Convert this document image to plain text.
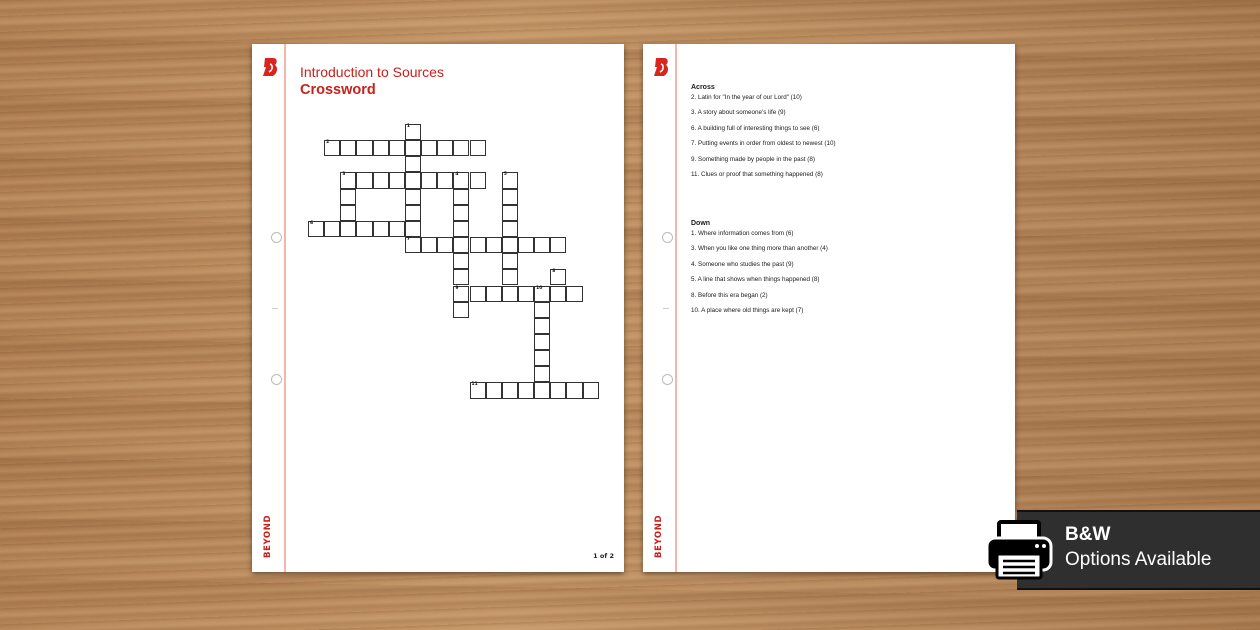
BEYOND
Introduction to Sources
Crossword
1
2
3	4
9
5
6
7
8
10
11
1 of 2	BEYOND
Across
2. Latin for "In the year of our Lord" (10)
3. A story about someone's life (9)
6. A building full of interesting things to see (6)
7. Putting events in order from oldest to newest (10)
9. Something made by people in the past (8)
11. Clues or proof that something happened (8)
Down
1. Where information comes from (6)
3. When you like one thing more than another (4)
4. Someone who studies the past (9)
5. A line that shows when things happened (8)
8. Before this era began (2)
10. A place where old things are kept (7)
B&W
Options Available
